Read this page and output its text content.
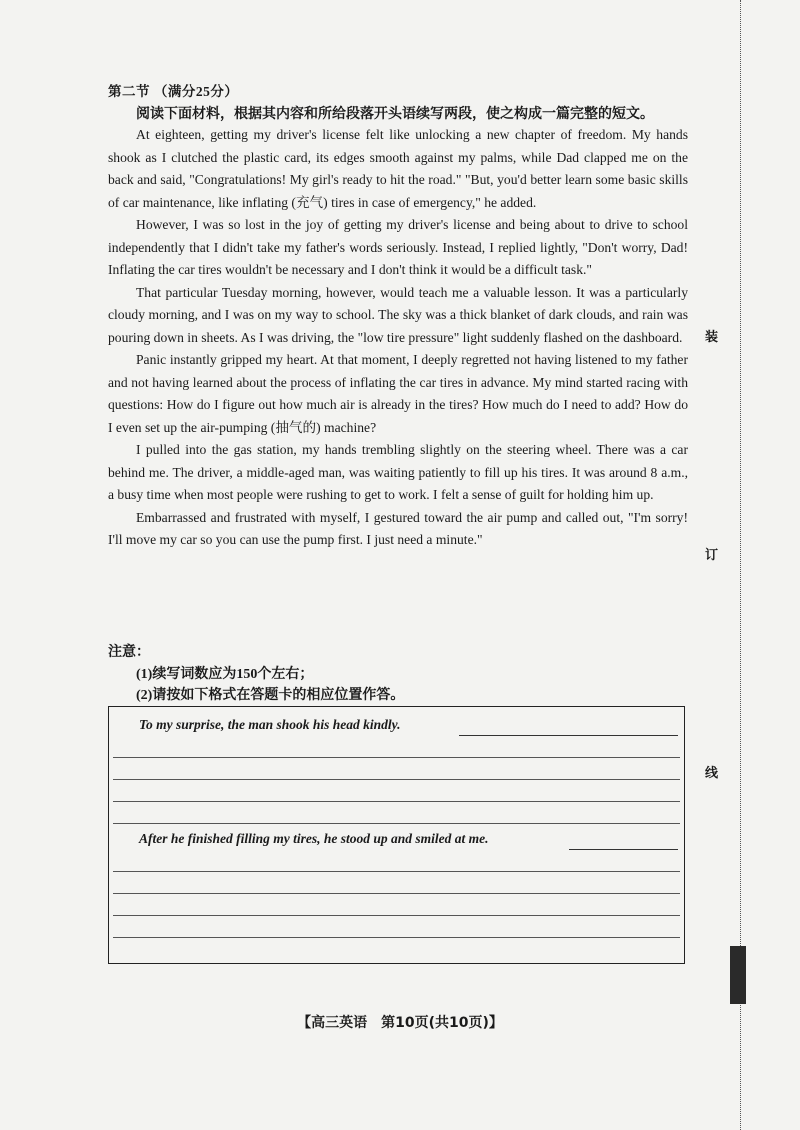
第二节 （满分25分）
阅读下面材料，根据其内容和所给段落开头语续写两段，使之构成一篇完整的短文。

At eighteen, getting my driver's license felt like unlocking a new chapter of freedom. My hands shook as I clutched the plastic card, its edges smooth against my palms, while Dad clapped me on the back and said, "Congratulations! My girl's ready to hit the road." "But, you'd better learn some basic skills of car maintenance, like inflating (充气) tires in case of emergency," he added.

However, I was so lost in the joy of getting my driver's license and being about to drive to school independently that I didn't take my father's words seriously. Instead, I replied lightly, "Don't worry, Dad! Inflating the car tires wouldn't be necessary and I don't think it would be a difficult task."

That particular Tuesday morning, however, would teach me a valuable lesson. It was a particularly cloudy morning, and I was on my way to school. The sky was a thick blanket of dark clouds, and rain was pouring down in sheets. As I was driving, the "low tire pressure" light suddenly flashed on the dashboard.

Panic instantly gripped my heart. At that moment, I deeply regretted not having listened to my father and not having learned about the process of inflating the car tires in advance. My mind started racing with questions: How do I figure out how much air is already in the tires? How much do I need to add? How do I even set up the air-pumping (抽气的) machine?

I pulled into the gas station, my hands trembling slightly on the steering wheel. There was a car behind me. The driver, a middle-aged man, was waiting patiently to fill up his tires. It was around 8 a.m., a busy time when most people were rushing to get to work. I felt a sense of guilt for holding him up.

Embarrassed and frustrated with myself, I gestured toward the air pump and called out, "I'm sorry! I'll move my car so you can use the pump first. I just need a minute."

注意：
(1)续写词数应为150个左右；
(2)请按如下格式在答题卡的相应位置作答。
To my surprise, the man shook his head kindly.
After he finished filling my tires, he stood up and smiled at me.
【高三英语　第10页(共10页)】
装
订
线
